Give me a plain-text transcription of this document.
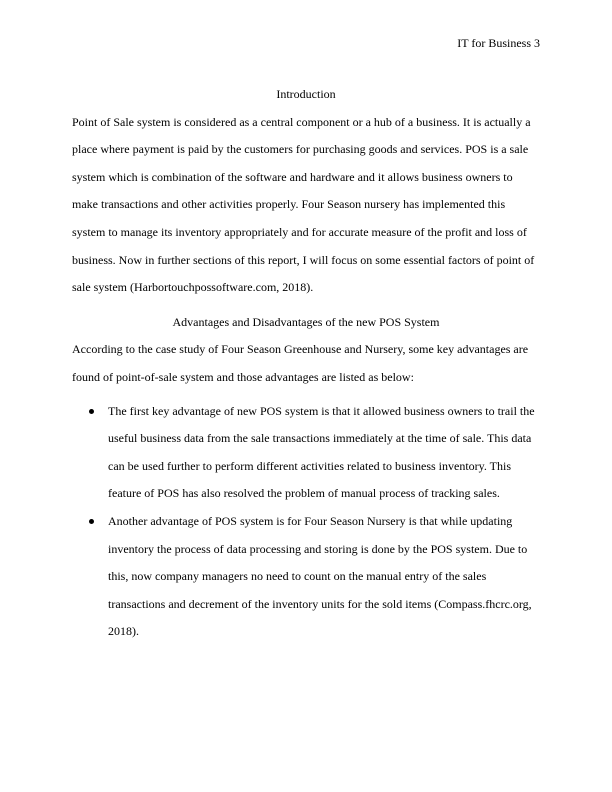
IT for Business 3

Introduction

Point of Sale system is considered as a central component or a hub of a business. It is actually a place where payment is paid by the customers for purchasing goods and services. POS is a sale system which is combination of the software and hardware and it allows business owners to make transactions and other activities properly. Four Season nursery has implemented this system to manage its inventory appropriately and for accurate measure of the profit and loss of business. Now in further sections of this report, I will focus on some essential factors of point of sale system (Harbortouchpossoftware.com, 2018).

Advantages and Disadvantages of the new POS System

According to the case study of Four Season Greenhouse and Nursery, some key advantages are found of point-of-sale system and those advantages are listed as below:

The first key advantage of new POS system is that it allowed business owners to trail the useful business data from the sale transactions immediately at the time of sale. This data can be used further to perform different activities related to business inventory. This feature of POS has also resolved the problem of manual process of tracking sales.
Another advantage of POS system is for Four Season Nursery is that while updating inventory the process of data processing and storing is done by the POS system. Due to this, now company managers no need to count on the manual entry of the sales transactions and decrement of the inventory units for the sold items (Compass.fhcrc.org, 2018).
